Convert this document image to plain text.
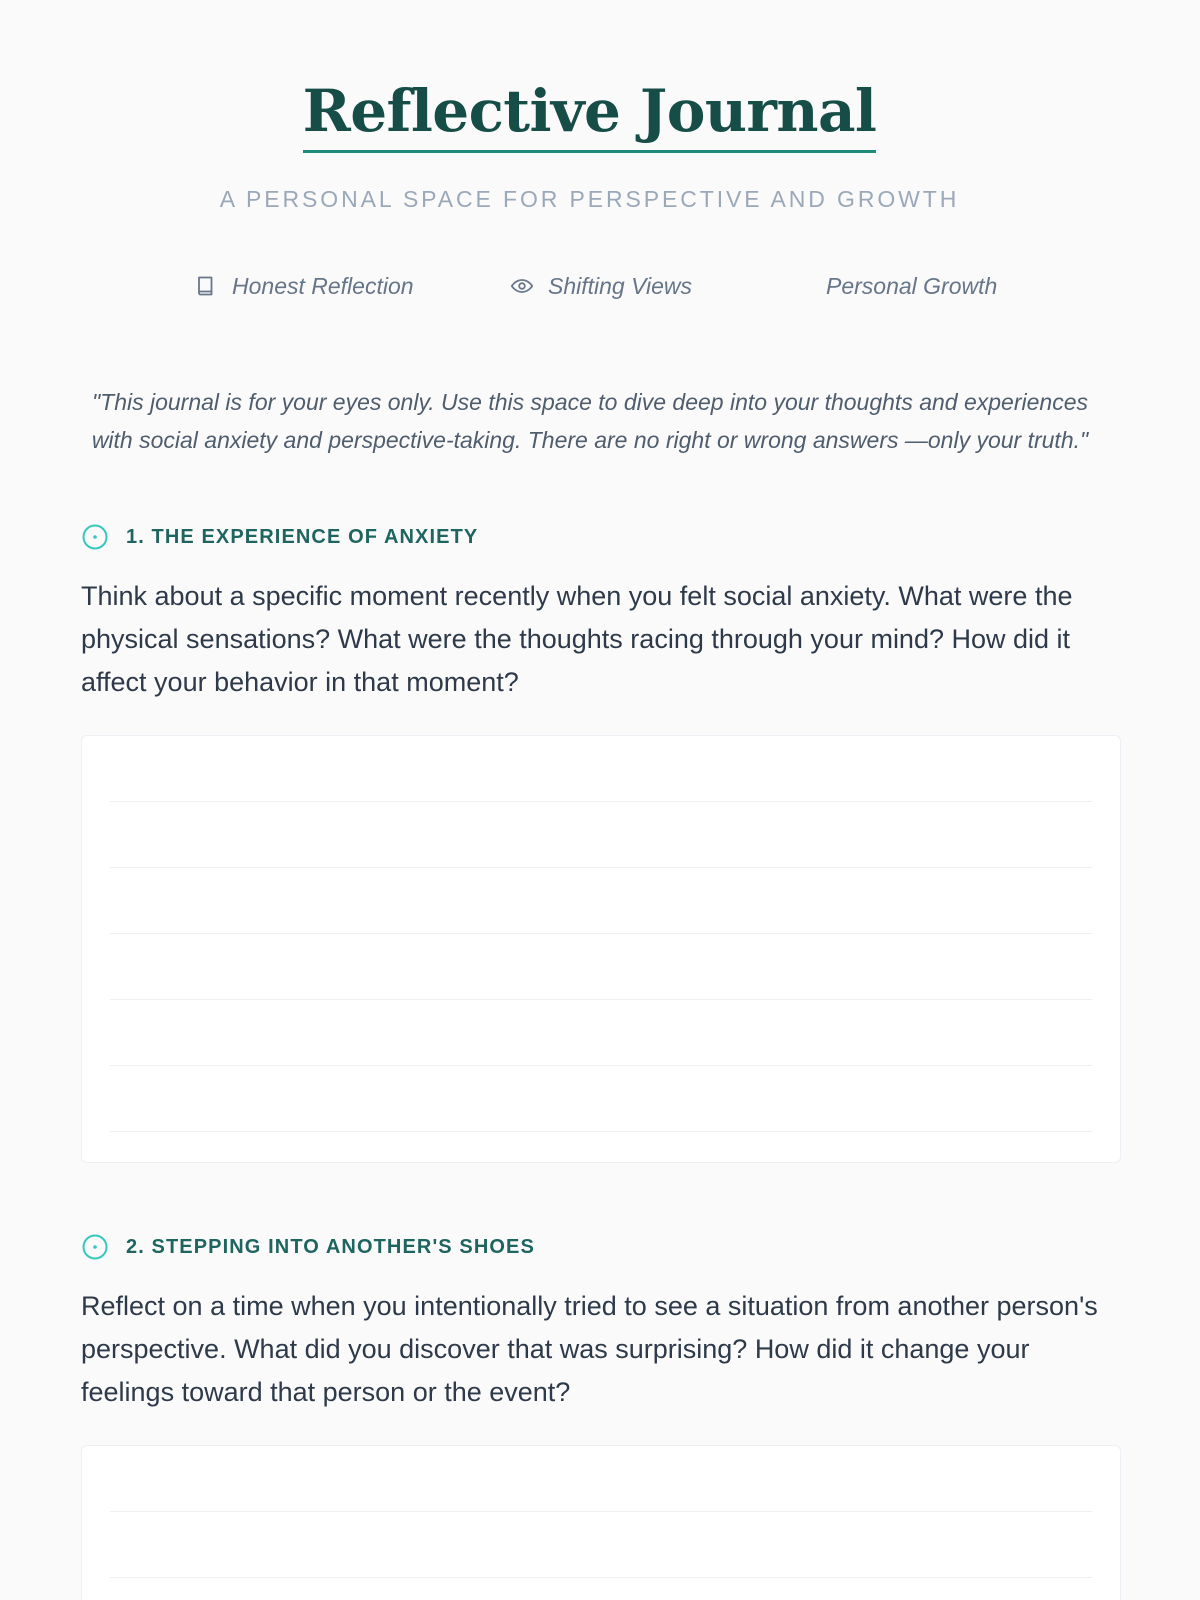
Reflective Journal
A PERSONAL SPACE FOR PERSPECTIVE AND GROWTH
Honest Reflection	Shifting Views	Personal Growth

"This journal is for your eyes only. Use this space to dive deep into your thoughts and experiences with social anxiety and perspective-taking. There are no right or wrong answers —only your truth."

1. THE EXPERIENCE OF ANXIETY
Think about a specific moment recently when you felt social anxiety. What were the physical sensations? What were the thoughts racing through your mind? How did it affect your behavior in that moment?
2. STEPPING INTO ANOTHER'S SHOES
Reflect on a time when you intentionally tried to see a situation from another person's perspective. What did you discover that was surprising? How did it change your feelings toward that person or the event?
